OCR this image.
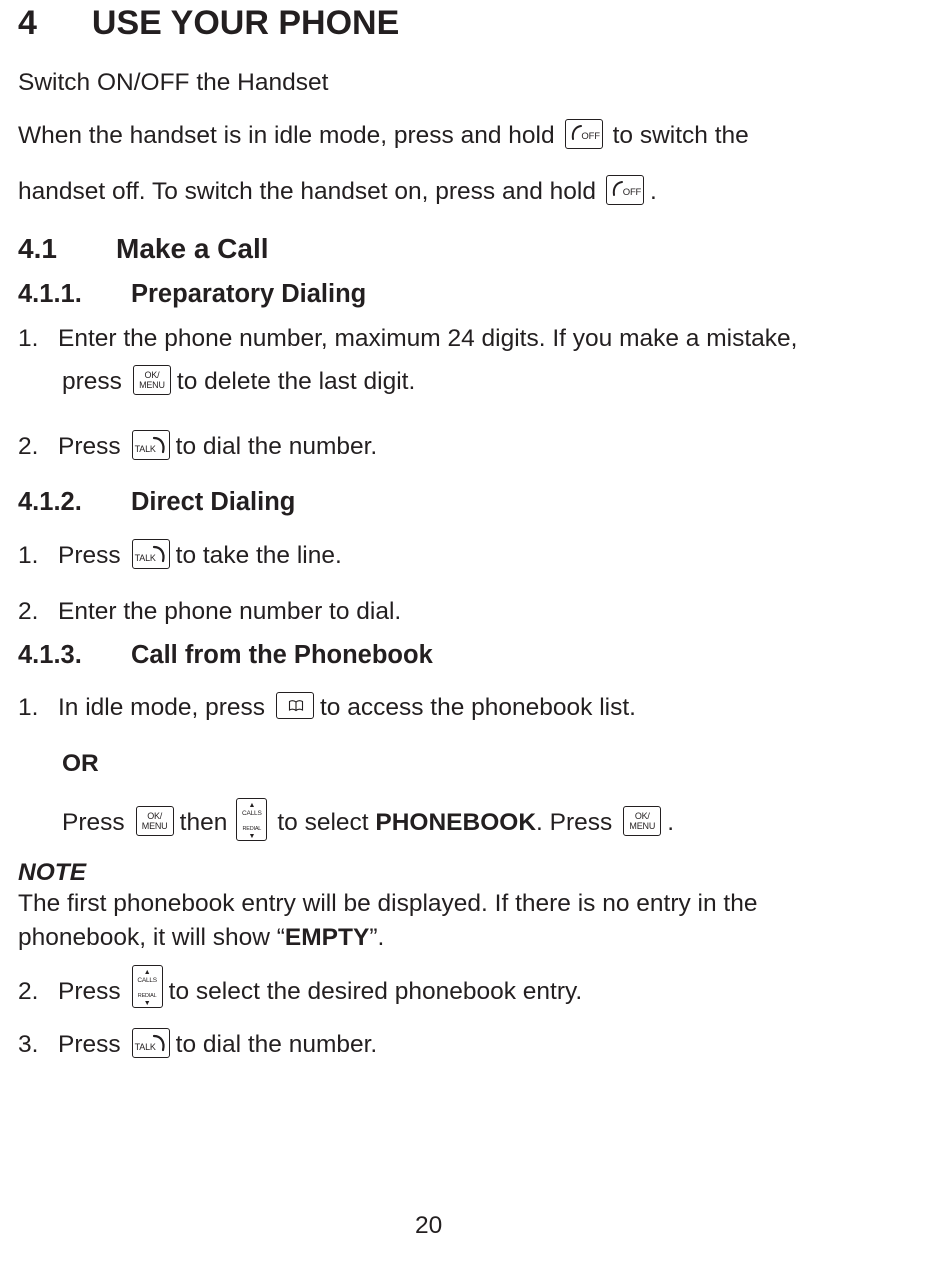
4 USE YOUR PHONE
Switch ON/OFF the Handset
When the handset is in idle mode, press and hold	OFF to switch the
handset off. To switch the handset on, press and hold	OFF .
4.1 Make a Call
4.1.1. Preparatory Dialing
1. Enter the phone number, maximum 24 digits. If you make a mistake,
press	OK/
MENU to delete the last digit.
2. Press TALK to dial the number.
4.1.2. Direct Dialing
1. Press TALK to take the line.
2. Enter the phone number to dial.
4.1.3. Call from the Phonebook
1. In idle mode, press to access the phonebook list.
OR
Press	OK/
MENU then
▲
CALLS
REDIAL
▼
to select PHONEBOOK. Press	OK/
MENU .
NOTE
The first phonebook entry will be displayed. If there is no entry in the
phonebook, it will show “EMPTY”.
2. Press
▲
CALLS
REDIAL
▼ to select the desired phonebook entry.
3. Press TALK to dial the number.
20
